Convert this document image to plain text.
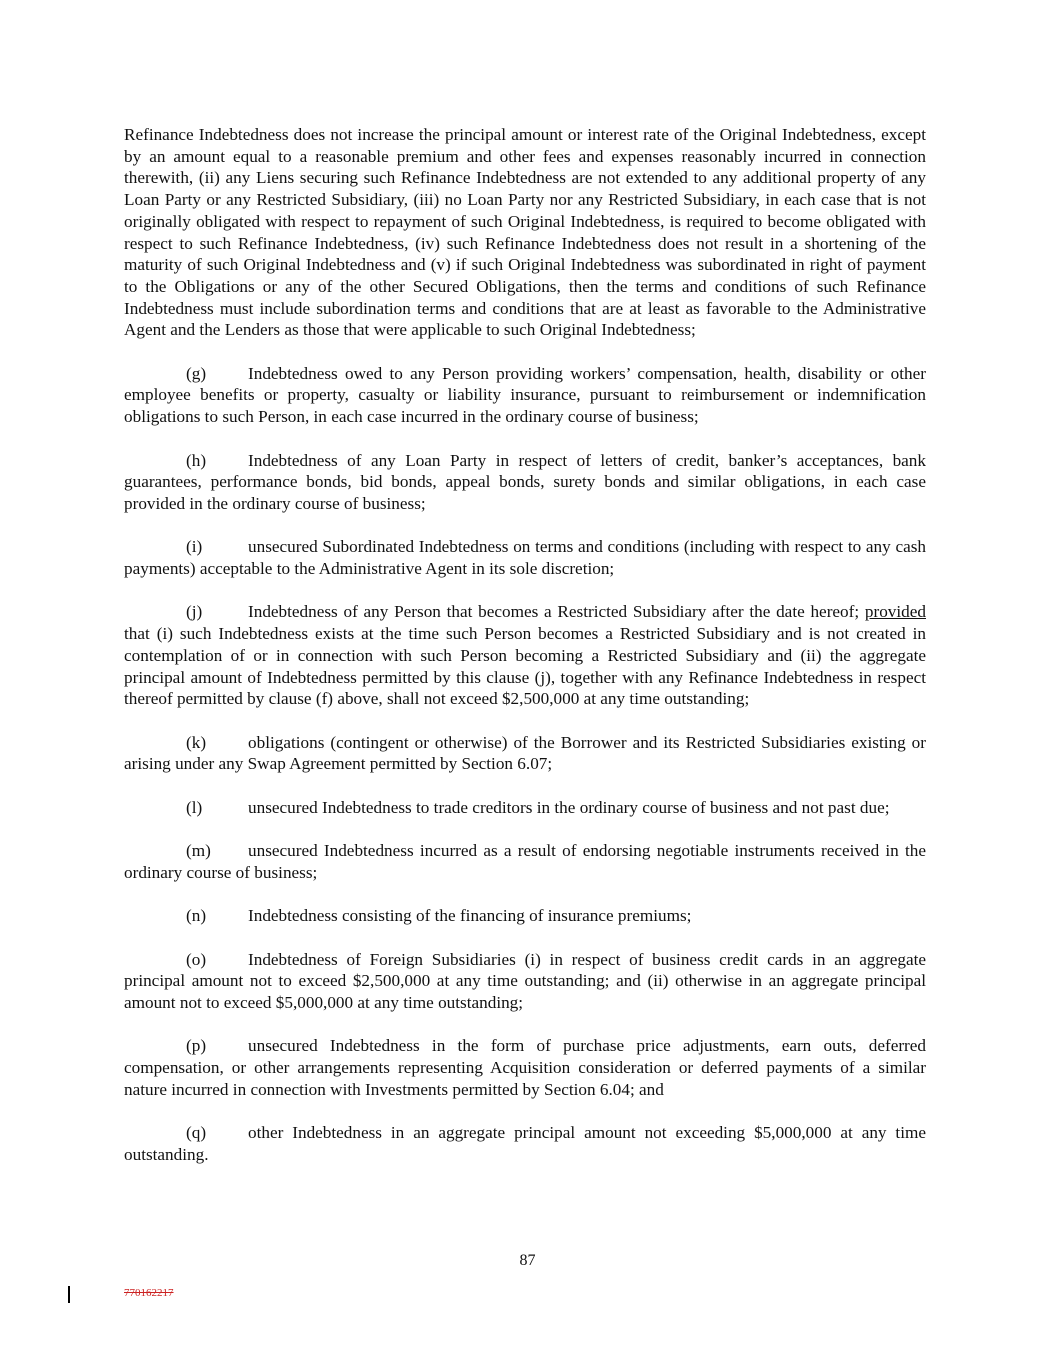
Refinance Indebtedness does not increase the principal amount or interest rate of the Original Indebtedness, except by an amount equal to a reasonable premium and other fees and expenses reasonably incurred in connection therewith, (ii) any Liens securing such Refinance Indebtedness are not extended to any additional property of any Loan Party or any Restricted Subsidiary, (iii) no Loan Party nor any Restricted Subsidiary, in each case that is not originally obligated with respect to repayment of such Original Indebtedness, is required to become obligated with respect to such Refinance Indebtedness, (iv) such Refinance Indebtedness does not result in a shortening of the maturity of such Original Indebtedness and (v) if such Original Indebtedness was subordinated in right of payment to the Obligations or any of the other Secured Obligations, then the terms and conditions of such Refinance Indebtedness must include subordination terms and conditions that are at least as favorable to the Administrative Agent and the Lenders as those that were applicable to such Original Indebtedness;

(g) Indebtedness owed to any Person providing workers’ compensation, health, disability or other employee benefits or property, casualty or liability insurance, pursuant to reimbursement or indemnification obligations to such Person, in each case incurred in the ordinary course of business;

(h) Indebtedness of any Loan Party in respect of letters of credit, banker’s acceptances, bank guarantees, performance bonds, bid bonds, appeal bonds, surety bonds and similar obligations, in each case provided in the ordinary course of business;

(i)	unsecured Subordinated Indebtedness on terms and conditions (including with respect to any cash payments) acceptable to the Administrative Agent in its sole discretion;

(j)	Indebtedness of any Person that becomes a Restricted Subsidiary after the date hereof; provided that (i) such Indebtedness exists at the time such Person becomes a Restricted Subsidiary and is not created in contemplation of or in connection with such Person becoming a Restricted Subsidiary and (ii) the aggregate principal amount of Indebtedness permitted by this clause (j), together with any Refinance Indebtedness in respect thereof permitted by clause (f) above, shall not exceed $2,500,000 at any time outstanding;

(k) obligations (contingent or otherwise) of the Borrower and its Restricted Subsidiaries existing or arising under any Swap Agreement permitted by Section 6.07;

(l)	unsecured Indebtedness to trade creditors in the ordinary course of business and not past due;

(m) unsecured Indebtedness incurred as a result of endorsing negotiable instruments received in the ordinary course of business;

(n) Indebtedness consisting of the financing of insurance premiums;

(o) Indebtedness of Foreign Subsidiaries (i) in respect of business credit cards in an aggregate principal amount not to exceed $2,500,000 at any time outstanding; and (ii) otherwise in an aggregate principal amount not to exceed $5,000,000 at any time outstanding;

(p) unsecured Indebtedness in the form of purchase price adjustments, earn outs, deferred compensation, or other arrangements representing Acquisition consideration or deferred payments of a similar nature incurred in connection with Investments permitted by Section 6.04; and

(q) other Indebtedness in an aggregate principal amount not exceeding $5,000,000 at any time outstanding.

87
770162217
